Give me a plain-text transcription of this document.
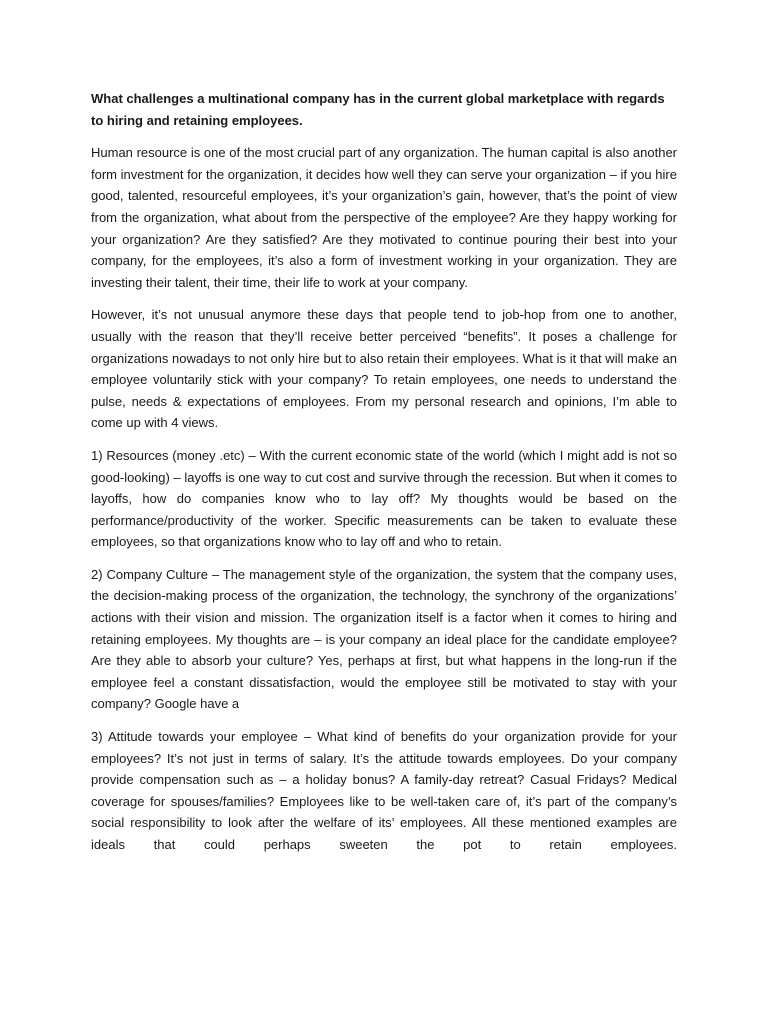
What challenges a multinational company has in the current global marketplace with regards to hiring and retaining employees.

Human resource is one of the most crucial part of any organization. The human capital is also another form investment for the organization, it decides how well they can serve your organization – if you hire good, talented, resourceful employees, it’s your organization’s gain, however, that’s the point of view from the organization, what about from the perspective of the employee? Are they happy working for your organization? Are they satisfied? Are they motivated to continue pouring their best into your company, for the employees, it’s also a form of investment working in your organization. They are investing their talent, their time, their life to work at your company.

However, it’s not unusual anymore these days that people tend to job-hop from one to another, usually with the reason that they’ll receive better perceived “benefits”. It poses a challenge for organizations nowadays to not only hire but to also retain their employees. What is it that will make an employee voluntarily stick with your company? To retain employees, one needs to understand the pulse, needs & expectations of employees. From my personal research and opinions, I’m able to come up with 4 views.

1) Resources (money .etc) – With the current economic state of the world (which I might add is not so good-looking) – layoffs is one way to cut cost and survive through the recession. But when it comes to layoffs, how do companies know who to lay off? My thoughts would be based on the performance/productivity of the worker. Specific measurements can be taken to evaluate these employees, so that organizations know who to lay off and who to retain.

2) Company Culture – The management style of the organization, the system that the company uses, the decision-making process of the organization, the technology, the synchrony of the organizations’ actions with their vision and mission. The organization itself is a factor when it comes to hiring and retaining employees. My thoughts are – is your company an ideal place for the candidate employee? Are they able to absorb your culture? Yes, perhaps at first, but what happens in the long-run if the employee feel a constant dissatisfaction, would the employee still be motivated to stay with your company? Google have a

3) Attitude towards your employee – What kind of benefits do your organization provide for your employees? It’s not just in terms of salary. It’s the attitude towards employees. Do your company provide compensation such as – a holiday bonus? A family-day retreat? Casual Fridays? Medical coverage for spouses/families? Employees like to be well-taken care of, it’s part of the company’s social responsibility to look after the welfare of its’ employees. All these mentioned examples are ideals that could perhaps sweeten the pot to retain employees.
